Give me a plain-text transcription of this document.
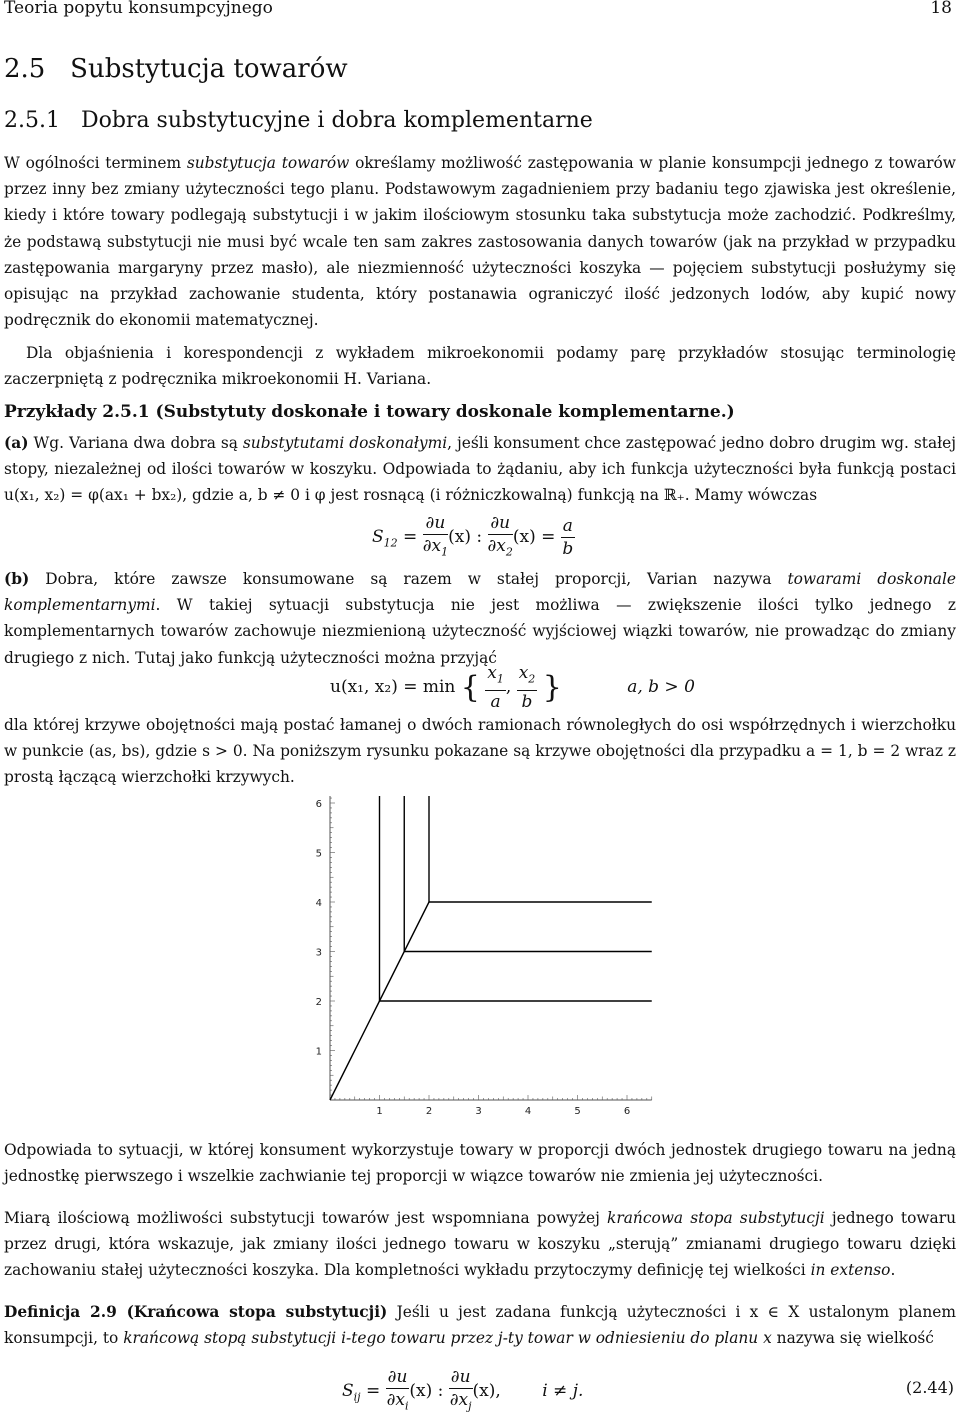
Teoria popytu konsumpcyjnego	18
2.5 Substytucja towarów
2.5.1 Dobra substytucyjne i dobra komplementarne

W ogólności terminem substytucja towarów określamy możliwość zastępowania w planie konsumpcji jednego z towarów przez inny bez zmiany użyteczności tego planu. Podstawowym zagadnieniem przy badaniu tego zjawiska jest określenie, kiedy i które towary podlegają substytucji i w jakim ilościowym stosunku taka substytucja może zachodzić. Podkreślmy, że podstawą substytucji nie musi być wcale ten sam zakres zastosowania danych towarów (jak na przykład w przypadku zastępowania margaryny przez masło), ale niezmienność użyteczności koszyka — pojęciem substytucji posłużymy się opisując na przykład zachowanie studenta, który postanawia ograniczyć ilość jedzonych lodów, aby kupić nowy podręcznik do ekonomii matematycznej.

Dla objaśnienia i korespondencji z wykładem mikroekonomii podamy parę przykładów stosując terminologię zaczerpniętą z podręcznika mikroekonomii H. Variana.

Przykłady 2.5.1 (Substytuty doskonałe i towary doskonale komplementarne.)

(a) Wg. Variana dwa dobra są substytutami doskonałymi, jeśli konsument chce zastępować jedno dobro drugim wg. stałej stopy, niezależnej od ilości towarów w koszyku. Odpowiada to żądaniu, aby ich funkcja użyteczności była funkcją postaci u(x₁, x₂) = φ(ax₁ + bx₂), gdzie a, b ≠ 0 i φ jest rosnącą (i różniczkowalną) funkcją na ℝ₊. Mamy wówczas

$S_{12} = \frac{\partial u}{\partial x_1} (x)$ : $\frac{\partial u}{\partial x_2} (x) = \frac{a}{b}$

(b) Dobra, które zawsze konsumowane są razem w stałej proporcji, Varian nazywa towarami doskonale komplementarnymi. W takiej sytuacji substytucja nie jest możliwa — zwiększenie ilości tylko jednego z komplementarnych towarów zachowuje niezmienioną użyteczność wyjściowej wiązki towarów, nie prowadząc do zmiany drugiego z nich. Tutaj jako funkcją użyteczności można przyjąć

u(x₁, x₂) = min { $\frac{x_1}{a}$ , $\frac{x_2}{b}$ }	a, b > 0

dla której krzywe obojętności mają postać łamanej o dwóch ramionach równoległych do osi współrzędnych i wierzchołku w punkcie (as, bs), gdzie s > 0. Na poniższym rysunku pokazane są krzywe obojętności dla przypadku a = 1, b = 2 wraz z prostą łączącą wierzchołki krzywych.

1	2	3	4	5	6
1
2
3
4
5
6

Odpowiada to sytuacji, w której konsument wykorzystuje towary w proporcji dwóch jednostek drugiego towaru na jedną jednostkę pierwszego i wszelkie zachwianie tej proporcji w wiązce towarów nie zmienia jej użyteczności.

Miarą ilościową możliwości substytucji towarów jest wspomniana powyżej krańcowa stopa substytucji jednego towaru przez drugi, która wskazuje, jak zmiany ilości jednego towaru w koszyku „sterują” zmianami drugiego towaru dzięki zachowaniu stałej użyteczności koszyka. Dla kompletności wykładu przytoczymy definicję tej wielkości in extenso.

Definicja 2.9 (Krańcowa stopa substytucji) Jeśli u jest zadana funkcją użyteczności i x ∈ X ustalonym planem konsumpcji, to krańcową stopą substytucji i-tego towaru przez j-ty towar w odniesieniu do planu x nazywa się wielkość

$S_{ij} = \frac{\partial u}{\partial x_i} (x)$ : $\frac{\partial u}{\partial x_j} (x)$, i ≠ j.	(2.44)
